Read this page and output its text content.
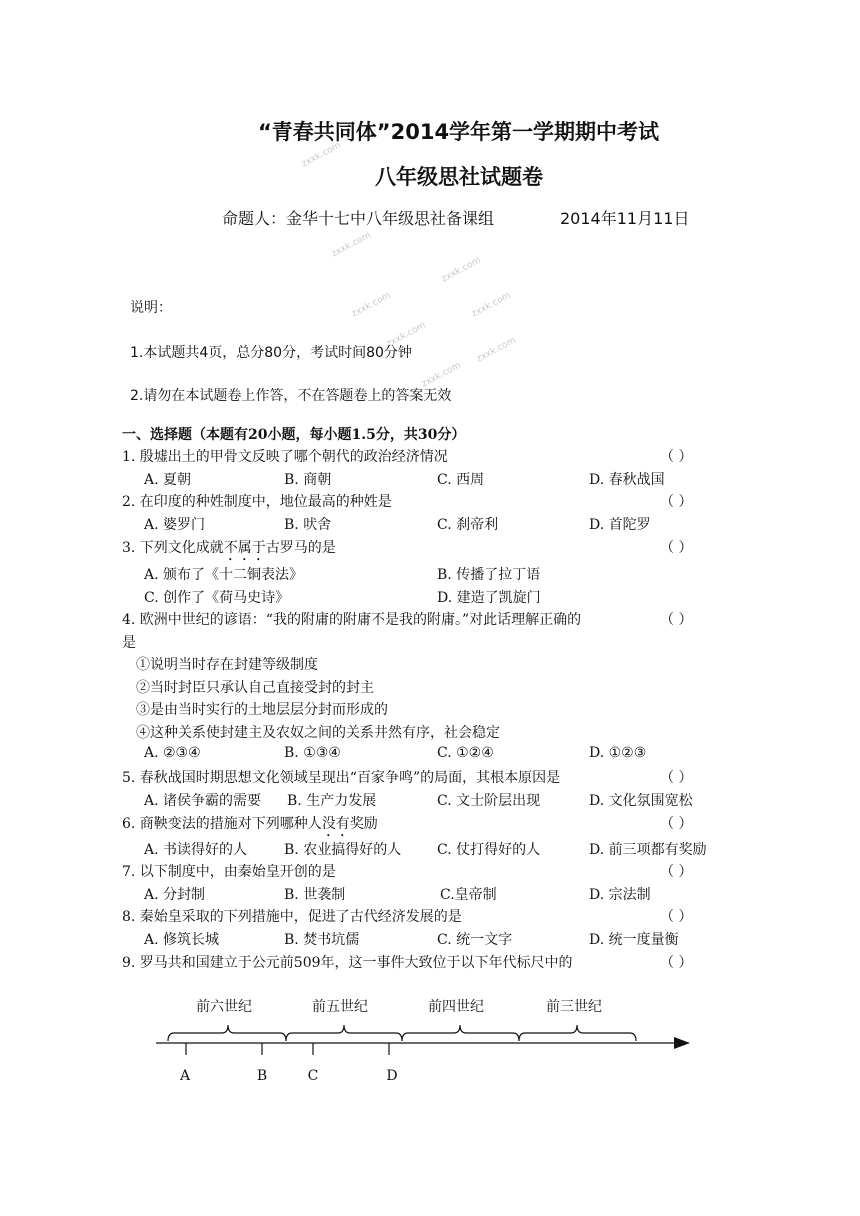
zxxk.com
zxxk.com
zxxk.com
zxxk.com
zxxk.com
zxxk.com
zxxk.com
zxxk.com
“青春共同体”2014学年第一学期期中考试
八年级思社试题卷
命题人：金华十七中八年级思社备课组	2014年11月11日
说明：
1.本试题共4页，总分80分，考试时间80分钟
2.请勿在本试题卷上作答，不在答题卷上的答案无效
一、选择题（本题有20小题，每小题1.5分，共30分）
1. 殷墟出土的甲骨文反映了哪个朝代的政治经济情况	（ ）
A. 夏朝	B. 商朝	C. 西周	D. 春秋战国
2. 在印度的种姓制度中，地位最高的种姓是	（ ）
A. 婆罗门	B. 吠舍	C. 刹帝利	D. 首陀罗
3. 下列文化成就不属于古罗马的是	（ ）
A. 颁布了《十二铜表法》	B. 传播了拉丁语
C. 创作了《荷马史诗》	D. 建造了凯旋门
4. 欧洲中世纪的谚语：“我的附庸的附庸不是我的附庸。”对此话理解正确的	（ ）
是
①说明当时存在封建等级制度
②当时封臣只承认自己直接受封的封主
③是由当时实行的土地层层分封而形成的
④这种关系使封建主及农奴之间的关系井然有序，社会稳定
A. ②③④	B. ①③④	C. ①②④	D. ①②③
5. 春秋战国时期思想文化领域呈现出“百家争鸣”的局面，其根本原因是	（ ）
A. 诸侯争霸的需要 B. 生产力发展	C. 文士阶层出现	D. 文化氛围宽松
6. 商鞅变法的措施对下列哪种人没有奖励	（ ）
A. 书读得好的人	B. 农业搞得好的人	C. 仗打得好的人	D. 前三项都有奖励
7. 以下制度中，由秦始皇开创的是	（ ）
A. 分封制	B. 世袭制	C.皇帝制	D. 宗法制
8. 秦始皇采取的下列措施中，促进了古代经济发展的是	（ ）
A. 修筑长城	B. 焚书坑儒	C. 统一文字	D. 统一度量衡
9. 罗马共和国建立于公元前509年，这一事件大致位于以下年代标尺中的	（ ）
前六世纪	前五世纪	前四世纪	前三世纪
A	B	C	D
